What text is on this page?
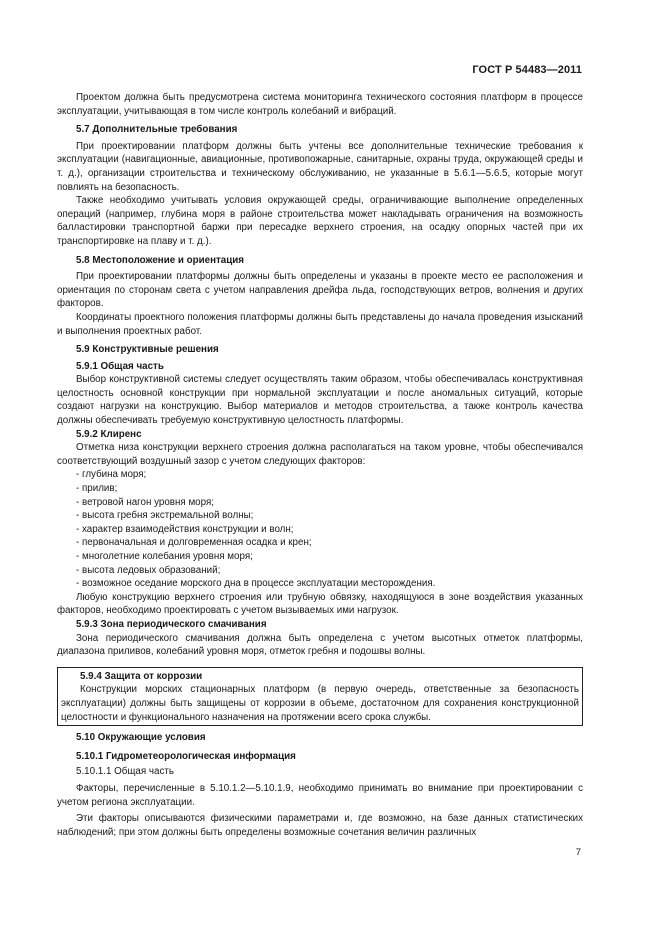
ГОСТ Р 54483—2011

Проектом должна быть предусмотрена система мониторинга технического состояния платформ в процессе эксплуатации, учитывающая в том числе контроль колебаний и вибраций.

5.7 Дополнительные требования

При проектировании платформ должны быть учтены все дополнительные технические требования к эксплуатации (навигационные, авиационные, противопожарные, санитарные, охраны труда, окружающей среды и т. д.), организации строительства и техническому обслуживанию, не указанные в 5.6.1—5.6.5, которые могут повлиять на безопасность.

Также необходимо учитывать условия окружающей среды, ограничивающие выполнение определенных операций (например, глубина моря в районе строительства может накладывать ограничения на возможность балластировки транспортной баржи при пересадке верхнего строения, на осадку опорных частей при их транспортировке на плаву и т. д.).

5.8 Местоположение и ориентация

При проектировании платформы должны быть определены и указаны в проекте место ее расположения и ориентация по сторонам света с учетом направления дрейфа льда, господствующих ветров, волнения и других факторов.

Координаты проектного положения платформы должны быть представлены до начала проведения изысканий и выполнения проектных работ.

5.9 Конструктивные решения

5.9.1 Общая часть

Выбор конструктивной системы следует осуществлять таким образом, чтобы обеспечивалась конструктивная целостность основной конструкции при нормальной эксплуатации и после аномальных ситуаций, которые создают нагрузки на конструкцию. Выбор материалов и методов строительства, а также контроль качества должны обеспечивать требуемую конструктивную целостность платформы.

5.9.2 Клиренс

Отметка низа конструкции верхнего строения должна располагаться на таком уровне, чтобы обеспечивался соответствующий воздушный зазор с учетом следующих факторов:

- глубина моря;
- прилив;
- ветровой нагон уровня моря;
- высота гребня экстремальной волны;
- характер взаимодействия конструкции и волн;
- первоначальная и долговременная осадка и крен;
- многолетние колебания уровня моря;
- высота ледовых образований;
- возможное оседание морского дна в процессе эксплуатации месторождения.

Любую конструкцию верхнего строения или трубную обвязку, находящуюся в зоне воздействия указанных факторов, необходимо проектировать с учетом вызываемых ими нагрузок.

5.9.3 Зона периодического смачивания

Зона периодического смачивания должна быть определена с учетом высотных отметок платформы, диапазона приливов, колебаний уровня моря, отметок гребня и подошвы волны.

5.9.4 Защита от коррозии

Конструкции морских стационарных платформ (в первую очередь, ответственные за безопасность эксплуатации) должны быть защищены от коррозии в объеме, достаточном для сохранения конструкционной целостности и функционального назначения на протяжении всего срока службы.

5.10 Окружающие условия

5.10.1 Гидрометеорологическая информация

5.10.1.1 Общая часть

Факторы, перечисленные в 5.10.1.2—5.10.1.9, необходимо принимать во внимание при проектировании с учетом региона эксплуатации.

Эти факторы описываются физическими параметрами и, где возможно, на базе данных статистических наблюдений; при этом должны быть определены возможные сочетания величин различных

7
